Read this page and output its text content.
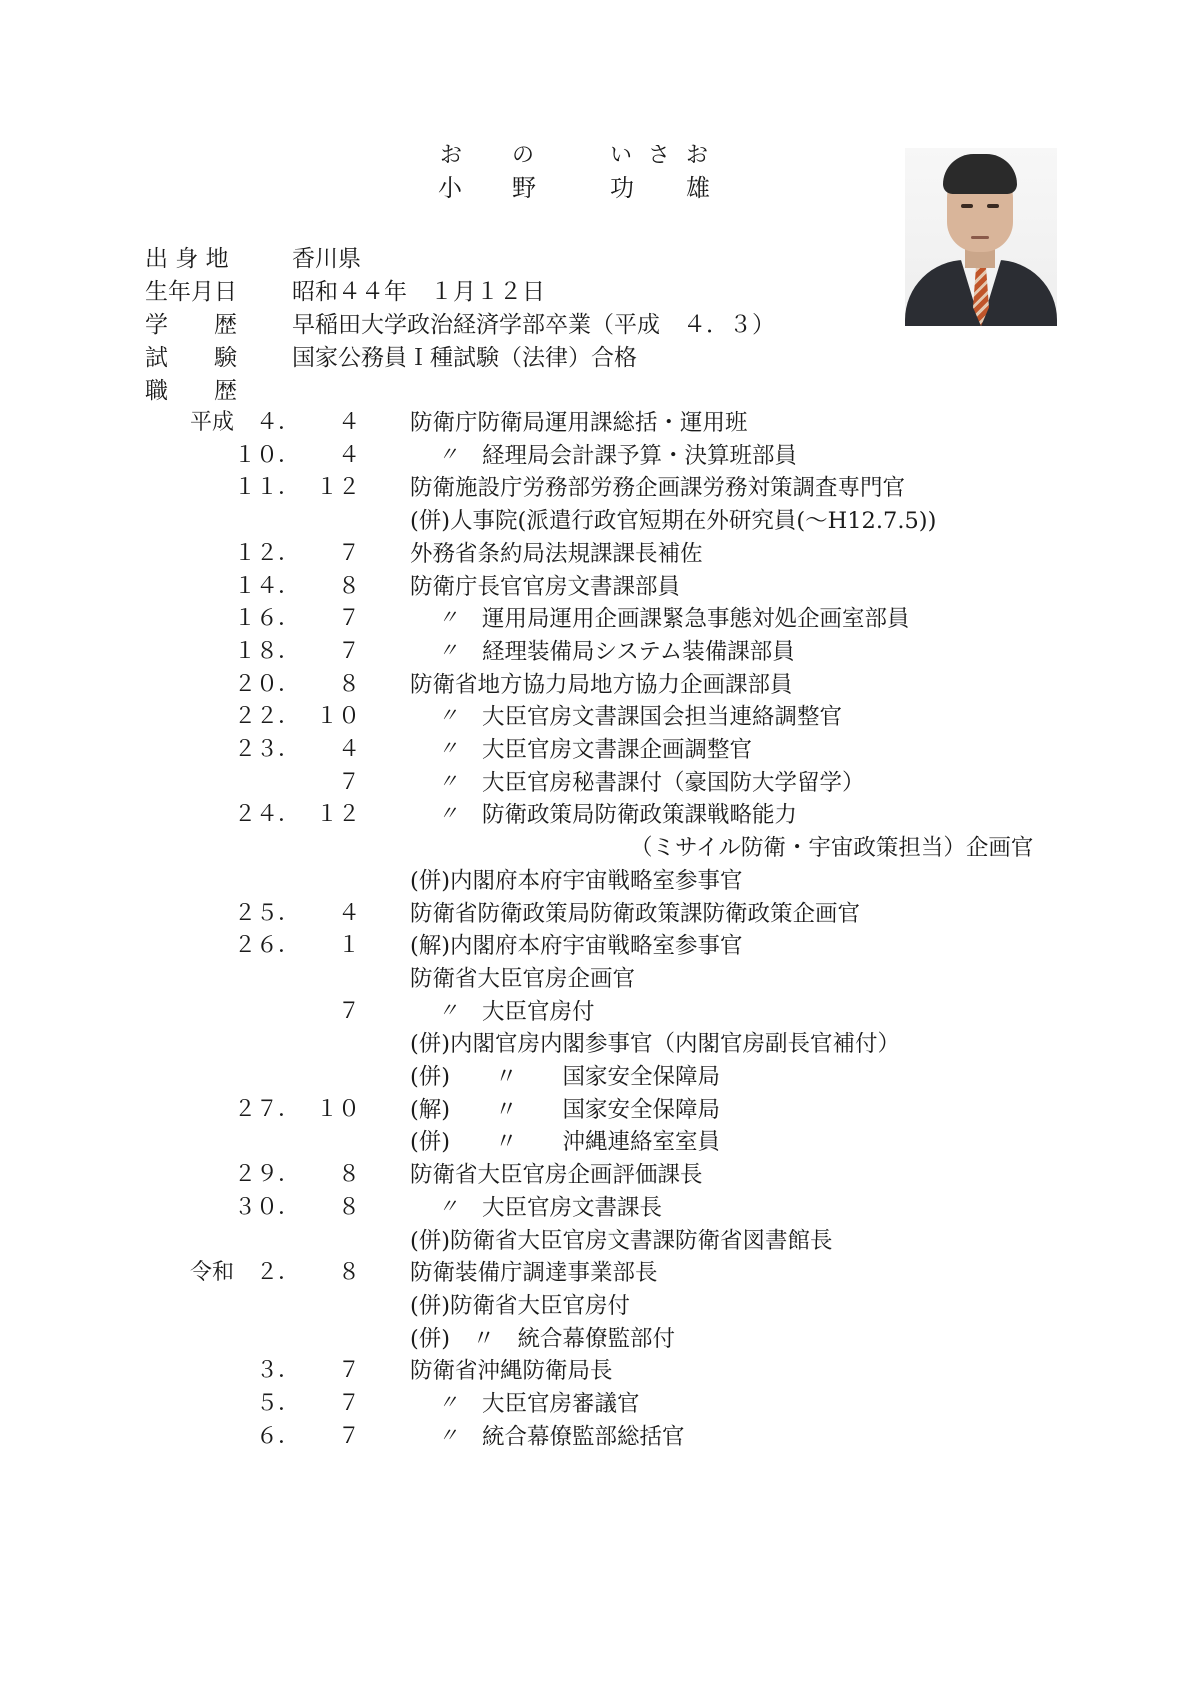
お の	い さ お
小 野	功 雄
出 身 地	香川県
生年月日 昭和４４年　１月１２日
学　　歴 早稲田大学政治経済学部卒業（平成　４．３）
試　　験 国家公務員Ｉ種試験（法律）合格
職　　歴
平成 ４．	４ 防衛庁防衛局運用課総括・運用班
１０．	４	〃 経理局会計課予算・決算班部員
１１． １２ 防衛施設庁労務部労務企画課労務対策調査専門官
(併)人事院(派遣行政官短期在外研究員(〜H12.7.5))
１２．	７ 外務省条約局法規課課長補佐
１４．	８ 防衛庁長官官房文書課部員
１６．	７	〃 運用局運用企画課緊急事態対処企画室部員
１８．	７	〃 経理装備局システム装備課部員
２０．	８ 防衛省地方協力局地方協力企画課部員
２２． １０	〃 大臣官房文書課国会担当連絡調整官
２３．	４	〃 大臣官房文書課企画調整官
７	〃 大臣官房秘書課付（豪国防大学留学）
２４． １２	〃 防衛政策局防衛政策課戦略能力
（ミサイル防衛・宇宙政策担当）企画官
(併)内閣府本府宇宙戦略室参事官
２５．	４ 防衛省防衛政策局防衛政策課防衛政策企画官
２６．	１ (解)内閣府本府宇宙戦略室参事官
防衛省大臣官房企画官
７	〃 大臣官房付
(併)内閣官房内閣参事官（内閣官房副長官補付）
(併)　　〃　　国家安全保障局
２７． １０ (解)　　〃　　国家安全保障局
(併)　　〃　　沖縄連絡室室員
２９．	８ 防衛省大臣官房企画評価課長
３０．	８	〃 大臣官房文書課長
(併)防衛省大臣官房文書課防衛省図書館長
令和 ２．	８ 防衛装備庁調達事業部長
(併)防衛省大臣官房付
(併)　〃　統合幕僚監部付
３．	７ 防衛省沖縄防衛局長
５．	７	〃 大臣官房審議官
６．	７	〃 統合幕僚監部総括官
